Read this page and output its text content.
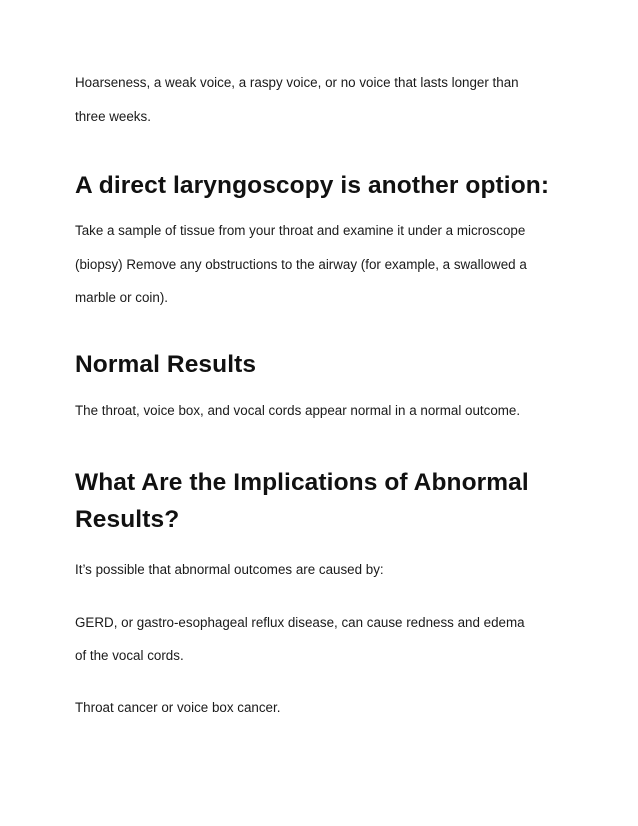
Hoarseness, a weak voice, a raspy voice, or no voice that lasts longer than
three weeks.
A direct laryngoscopy is another option:
Take a sample of tissue from your throat and examine it under a microscope
(biopsy) Remove any obstructions to the airway (for example, a swallowed a
marble or coin).
Normal Results
The throat, voice box, and vocal cords appear normal in a normal outcome.
What Are the Implications of Abnormal
Results?
It’s possible that abnormal outcomes are caused by:
GERD, or gastro-esophageal reflux disease, can cause redness and edema
of the vocal cords.
Throat cancer or voice box cancer.
